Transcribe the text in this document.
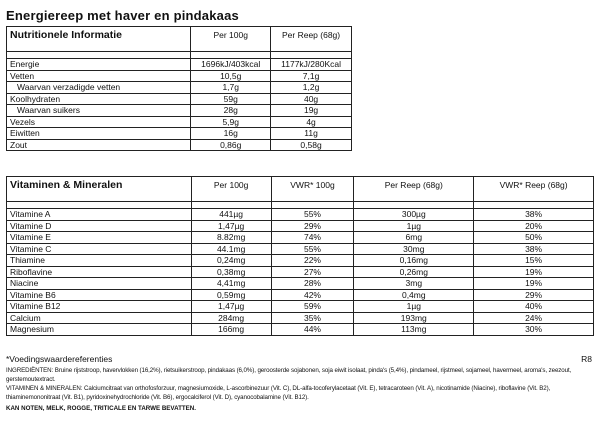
Energiereep met haver en pindakaas
Nutritionele Informatie	Per 100g	Per Reep (68g)

Energie	1696kJ/403kcal	1177kJ/280Kcal
Vetten	10,5g	7,1g
Waarvan verzadigde vetten	1,7g	1,2g
Koolhydraten	59g	40g
Waarvan suikers	28g	19g
Vezels	5,9g	4g
Eiwitten	16g	11g
Zout	0,86g	0,58g
Vitaminen & Mineralen	Per 100g	VWR* 100g	Per Reep (68g)	VWR* Reep (68g)

Vitamine A	441µg	55%	300µg	38%
Vitamine D	1,47µg	29%	1µg	20%
Vitamine E	8.82mg	74%	6mg	50%
Vitamine C	44.1mg	55%	30mg	38%
Thiamine	0,24mg	22%	0,16mg	15%
Riboflavine	0,38mg	27%	0,26mg	19%
Niacine	4,41mg	28%	3mg	19%
Vitamine B6	0,59mg	42%	0,4mg	29%
Vitamine B12	1,47µg	59%	1µg	40%
Calcium	284mg	35%	193mg	24%
Magnesium	166mg	44%	113mg	30%
*Voedingswaardereferenties	R8
INGREDIËNTEN: Bruine rijststroop, havervlokken (16,2%), rietsuikerstroop, pindakaas (6,0%), geroosterde sojabonen, soja eiwit isolaat, pinda's (5,4%), pindameel, rijstmeel, sojameel, havermeel, aroma's, zeezout, gerstemoutextract.
VITAMINEN & MINERALEN: Calciumcitraat van orthofosforzuur, magnesiumoxide, L-ascorbinezuur (Vit. C), DL-alfa-tocoferylacetaat (Vit. E), tetracaroteen (Vit. A), nicotinamide (Niacine), riboflavine (Vit. B2), thiaminemononitraat (Vit. B1), pyridoxinehydrochloride (Vit. B6), ergocalciferol (Vit. D), cyanocobalamine (Vit. B12).
KAN NOTEN, MELK, ROGGE, TRITICALE EN TARWE BEVATTEN.
